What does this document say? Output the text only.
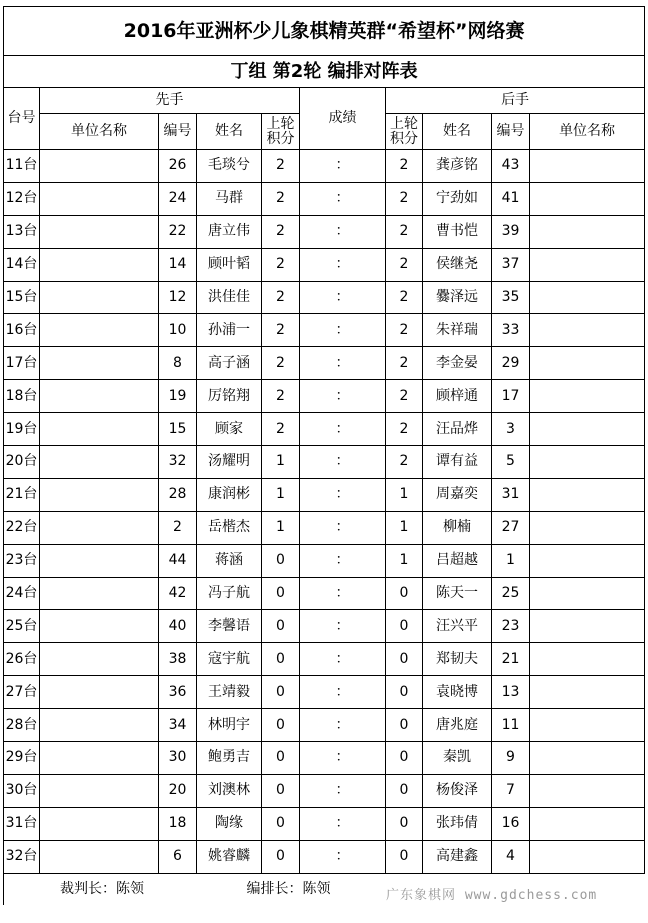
2016年亚洲杯少儿象棋精英群“希望杯”网络赛									
丁组 第2轮 编排对阵表									
台号	先手				成绩	后手			
	单位名称	编号	姓名	上轮积分		上轮积分	姓名	编号	单位名称
11台		26	毛琰兮	2	：	2	龚彦铭	43	
12台		24	马群	2	：	2	宁劲如	41	
13台		22	唐立伟	2	：	2	曹书恺	39	
14台		14	顾叶韬	2	：	2	侯继尧	37	
15台		12	洪佳佳	2	：	2	爨泽远	35	
16台		10	孙浦一	2	：	2	朱祥瑞	33	
17台		8	高子涵	2	：	2	李金晏	29	
18台		19	厉铭翔	2	：	2	顾梓通	17	
19台		15	顾家	2	：	2	汪品烨	3	
20台		32	汤耀明	1	：	2	谭有益	5	
21台		28	康润彬	1	：	1	周嘉奕	31	
22台		2	岳楷杰	1	：	1	柳楠	27	
23台		44	蒋涵	0	：	1	吕超越	1	
24台		42	冯子航	0	：	0	陈天一	25	
25台		40	李馨语	0	：	0	汪兴平	23	
26台		38	寇宇航	0	：	0	郑韧夫	21	
27台		36	王靖毅	0	：	0	袁晓博	13	
28台		34	林明宇	0	：	0	唐兆庭	11	
29台		30	鲍勇吉	0	：	0	秦凯	9	
30台		20	刘澳林	0	：	0	杨俊泽	7	
31台		18	陶缘	0	：	0	张玮倩	16	
32台		6	姚睿麟	0	：	0	高建鑫	4	
裁判长：陈领			编排长：陈领							广东象棋网 www.gdchess.com
